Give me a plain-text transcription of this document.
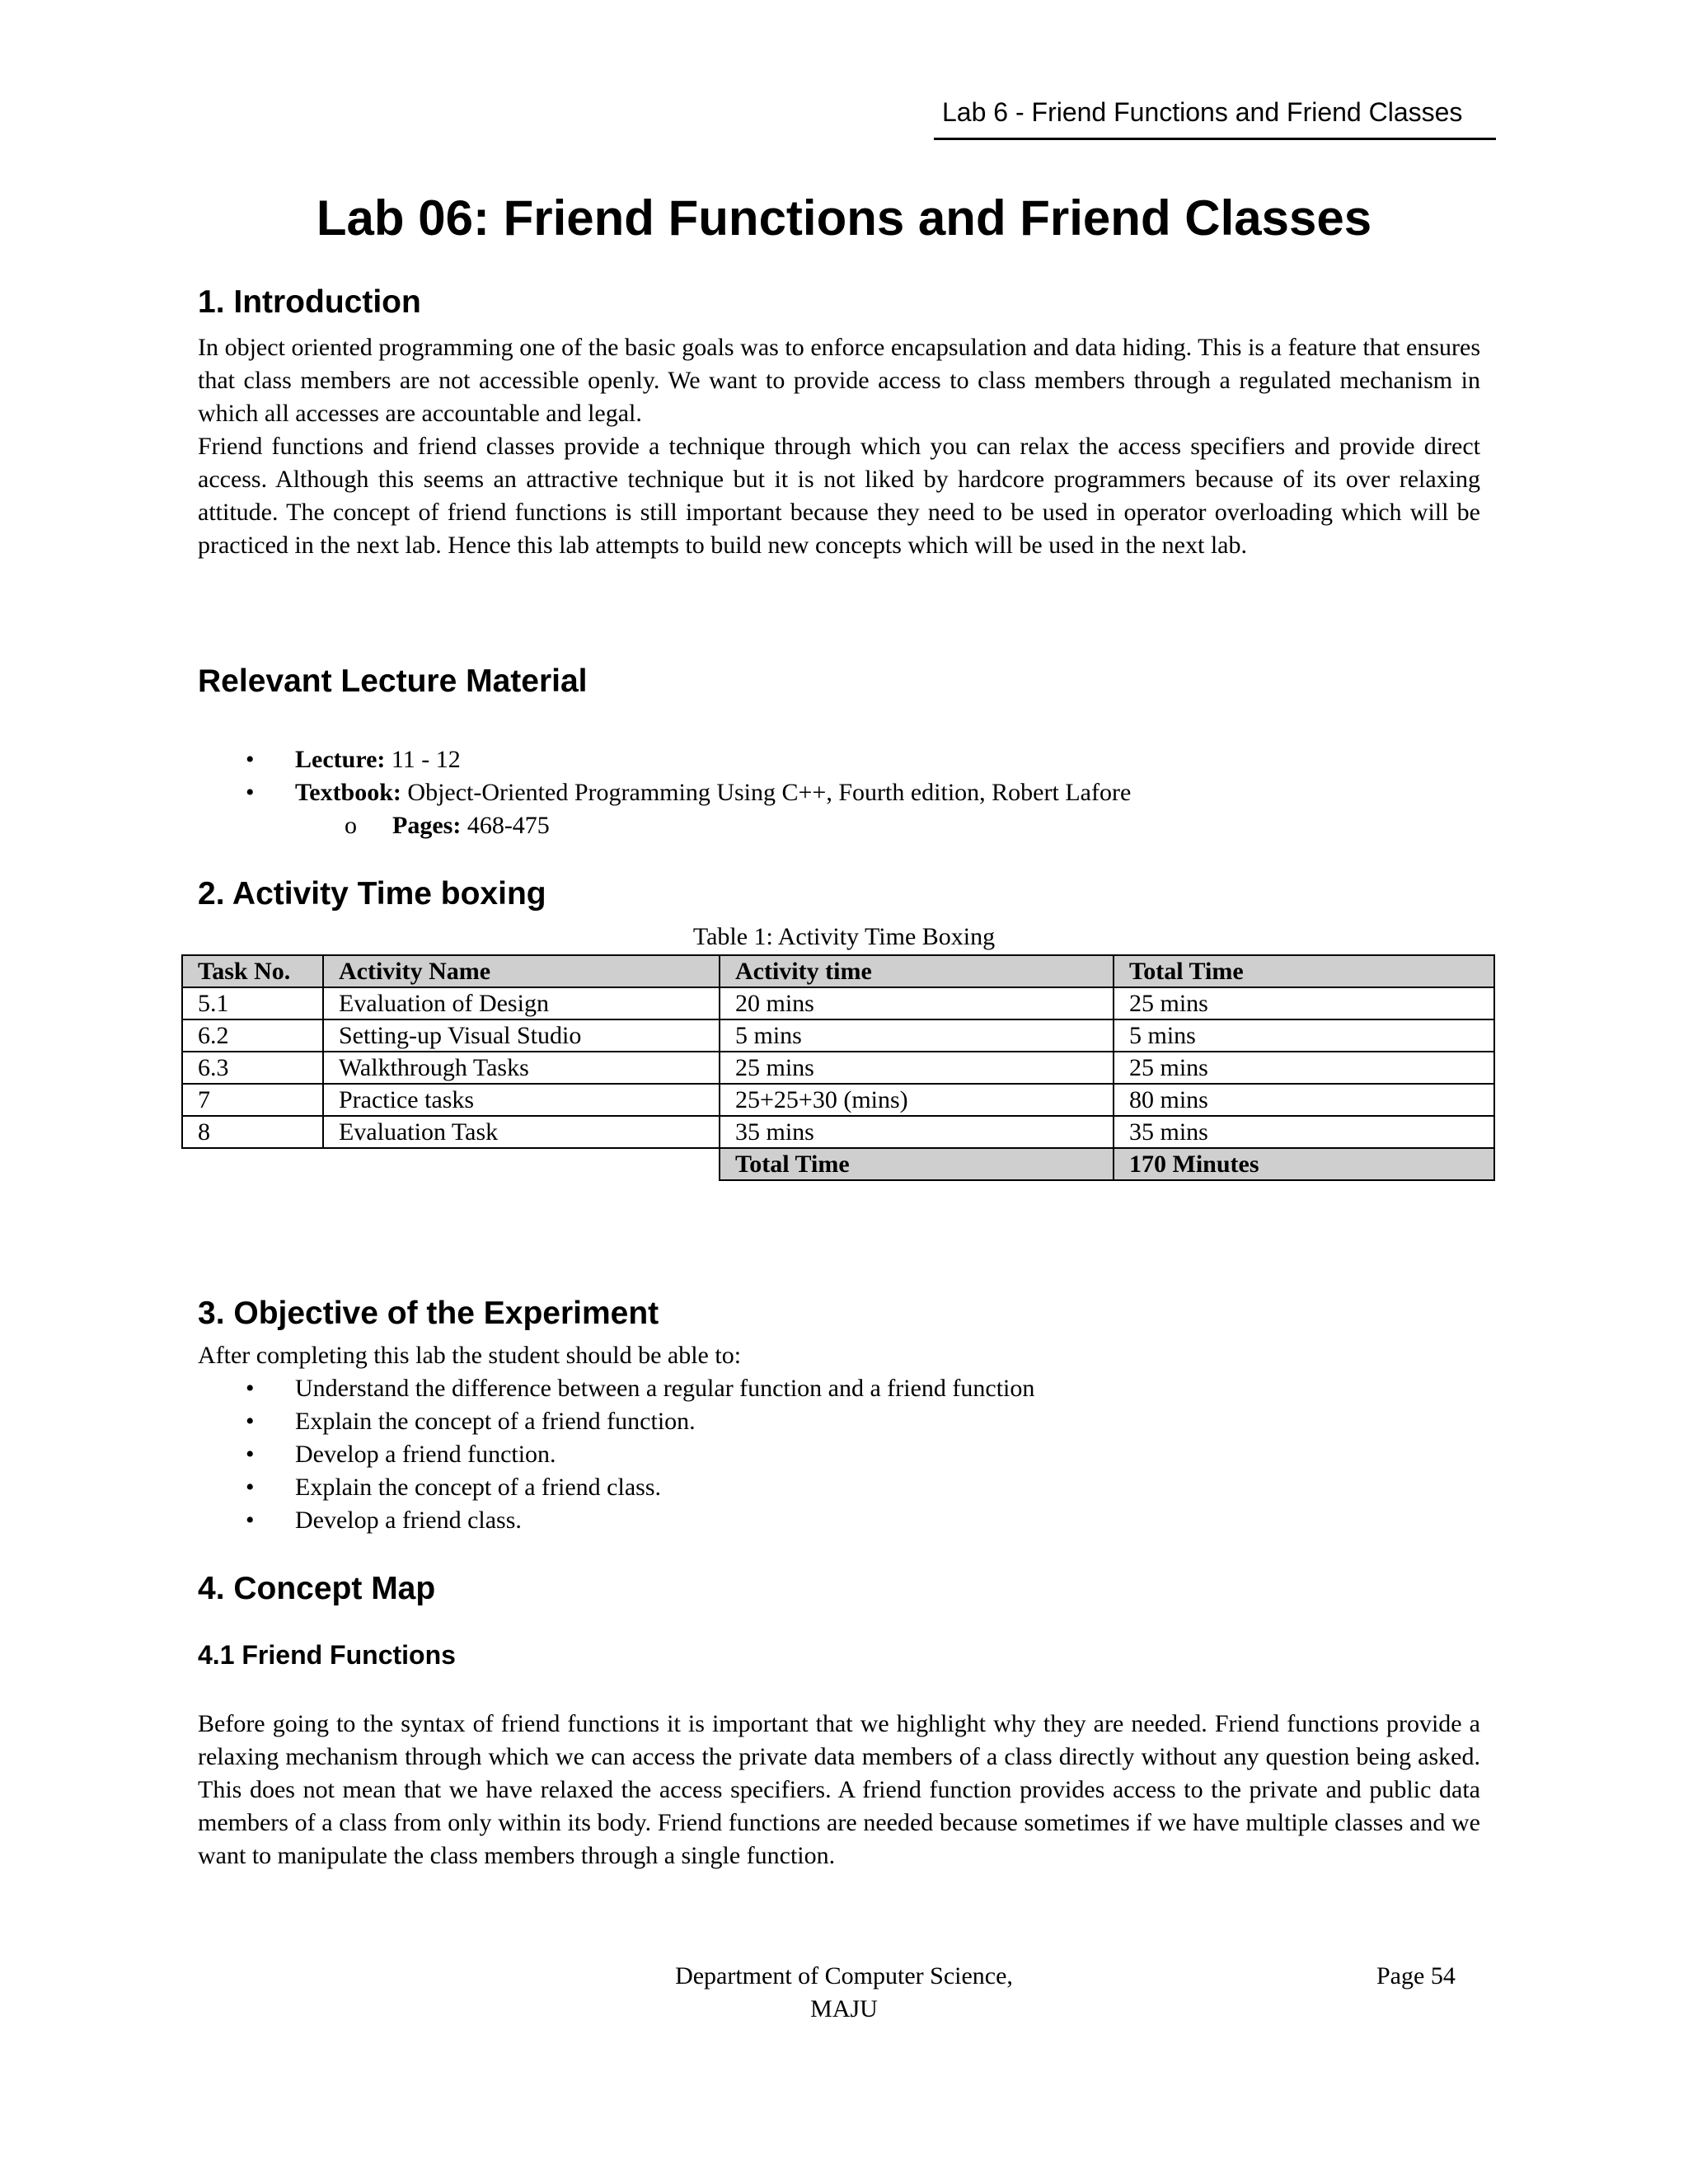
Lab 6 - Friend Functions and Friend Classes
Lab 06: Friend Functions and Friend Classes
1. Introduction

In object oriented programming one of the basic goals was to enforce encapsulation and data hiding. This is a feature that ensures that class members are not accessible openly. We want to provide access to class members through a regulated mechanism in which all accesses are accountable and legal.

Friend functions and friend classes provide a technique through which you can relax the access specifiers and provide direct access. Although this seems an attractive technique but it is not liked by hardcore programmers because of its over relaxing attitude. The concept of friend functions is still important because they need to be used in operator overloading which will be practiced in the next lab. Hence this lab attempts to build new concepts which will be used in the next lab.

Relevant Lecture Material
• Lecture: 11 - 12
• Textbook: Object-Oriented Programming Using C++, Fourth edition, Robert Lafore
o Pages: 468-475
2. Activity Time boxing
Table 1: Activity Time Boxing
Task No.	Activity Name	Activity time	Total Time
5.1	Evaluation of Design	20 mins	25 mins
6.2	Setting-up Visual Studio	5 mins	5 mins
6.3	Walkthrough Tasks	25 mins	25 mins
7	Practice tasks	25+25+30 (mins)	80 mins
8	Evaluation Task	35 mins	35 mins
		Total Time	170 Minutes
3. Objective of the Experiment

After completing this lab the student should be able to:

• Understand the difference between a regular function and a friend function
• Explain the concept of a friend function.
• Develop a friend function.
• Explain the concept of a friend class.
• Develop a friend class.
4. Concept Map
4.1 Friend Functions

Before going to the syntax of friend functions it is important that we highlight why they are needed. Friend functions provide a relaxing mechanism through which we can access the private data members of a class directly without any question being asked. This does not mean that we have relaxed the access specifiers. A friend function provides access to the private and public data members of a class from only within its body. Friend functions are needed because sometimes if we have multiple classes and we want to manipulate the class members through a single function.

Department of Computer Science,
MAJU
Page 54
